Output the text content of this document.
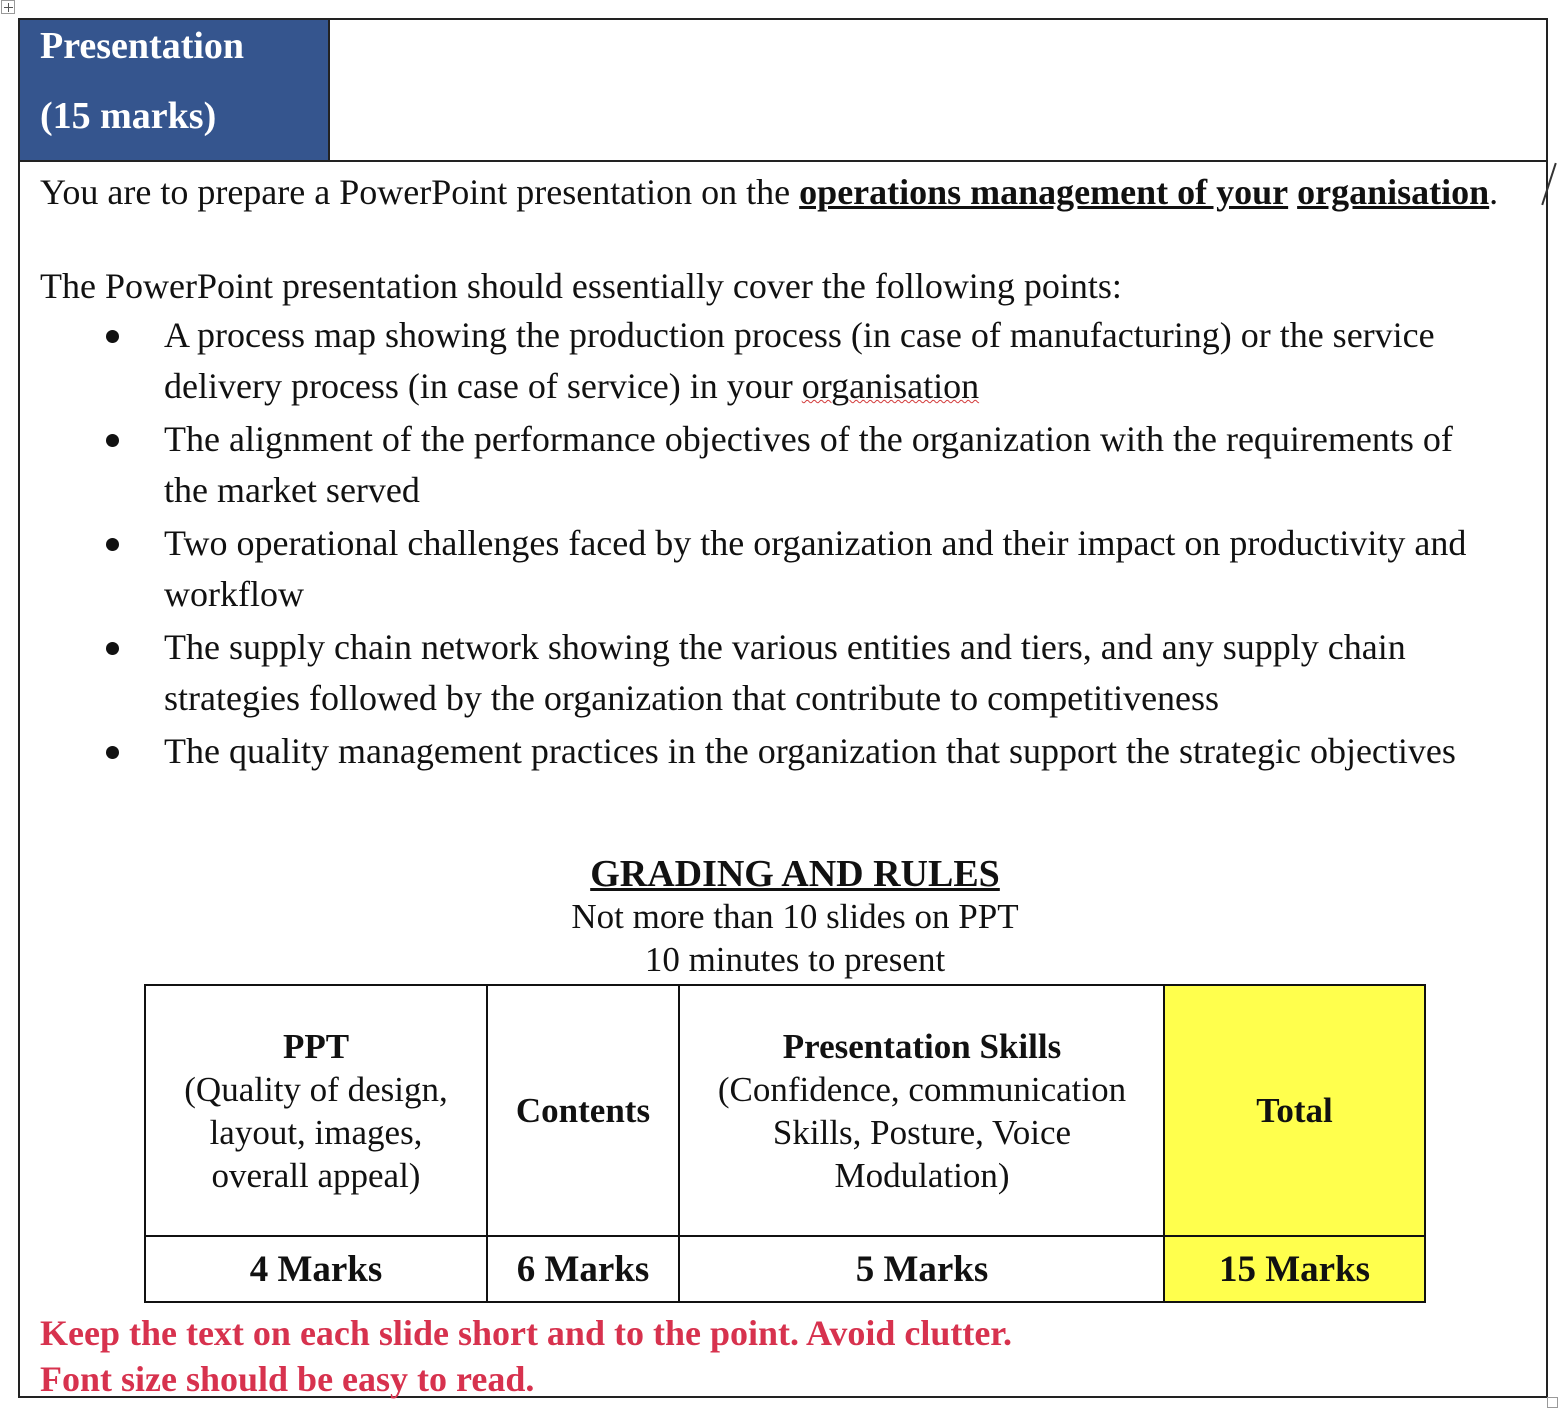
Presentation
(15 marks)
You are to prepare a PowerPoint presentation on the operations management of your organisation.
The PowerPoint presentation should essentially cover the following points:
A process map showing the production process (in case of manufacturing) or the service delivery process (in case of service) in your organisation
The alignment of the performance objectives of the organization with the requirements of the market served
Two operational challenges faced by the organization and their impact on productivity and workflow
The supply chain network showing the various entities and tiers, and any supply chain strategies followed by the organization that contribute to competitiveness
The quality management practices in the organization that support the strategic objectives
GRADING AND RULES
Not more than 10 slides on PPT
10 minutes to present
Total
15 Marks
PPT
(Quality of design,
layout, images,
overall appeal)
Contents
Presentation Skills
(Confidence, communication
Skills, Posture, Voice
Modulation)
4 Marks	6 Marks	5 Marks
Keep the text on each slide short and to the point. Avoid clutter.
Font size should be easy to read.
